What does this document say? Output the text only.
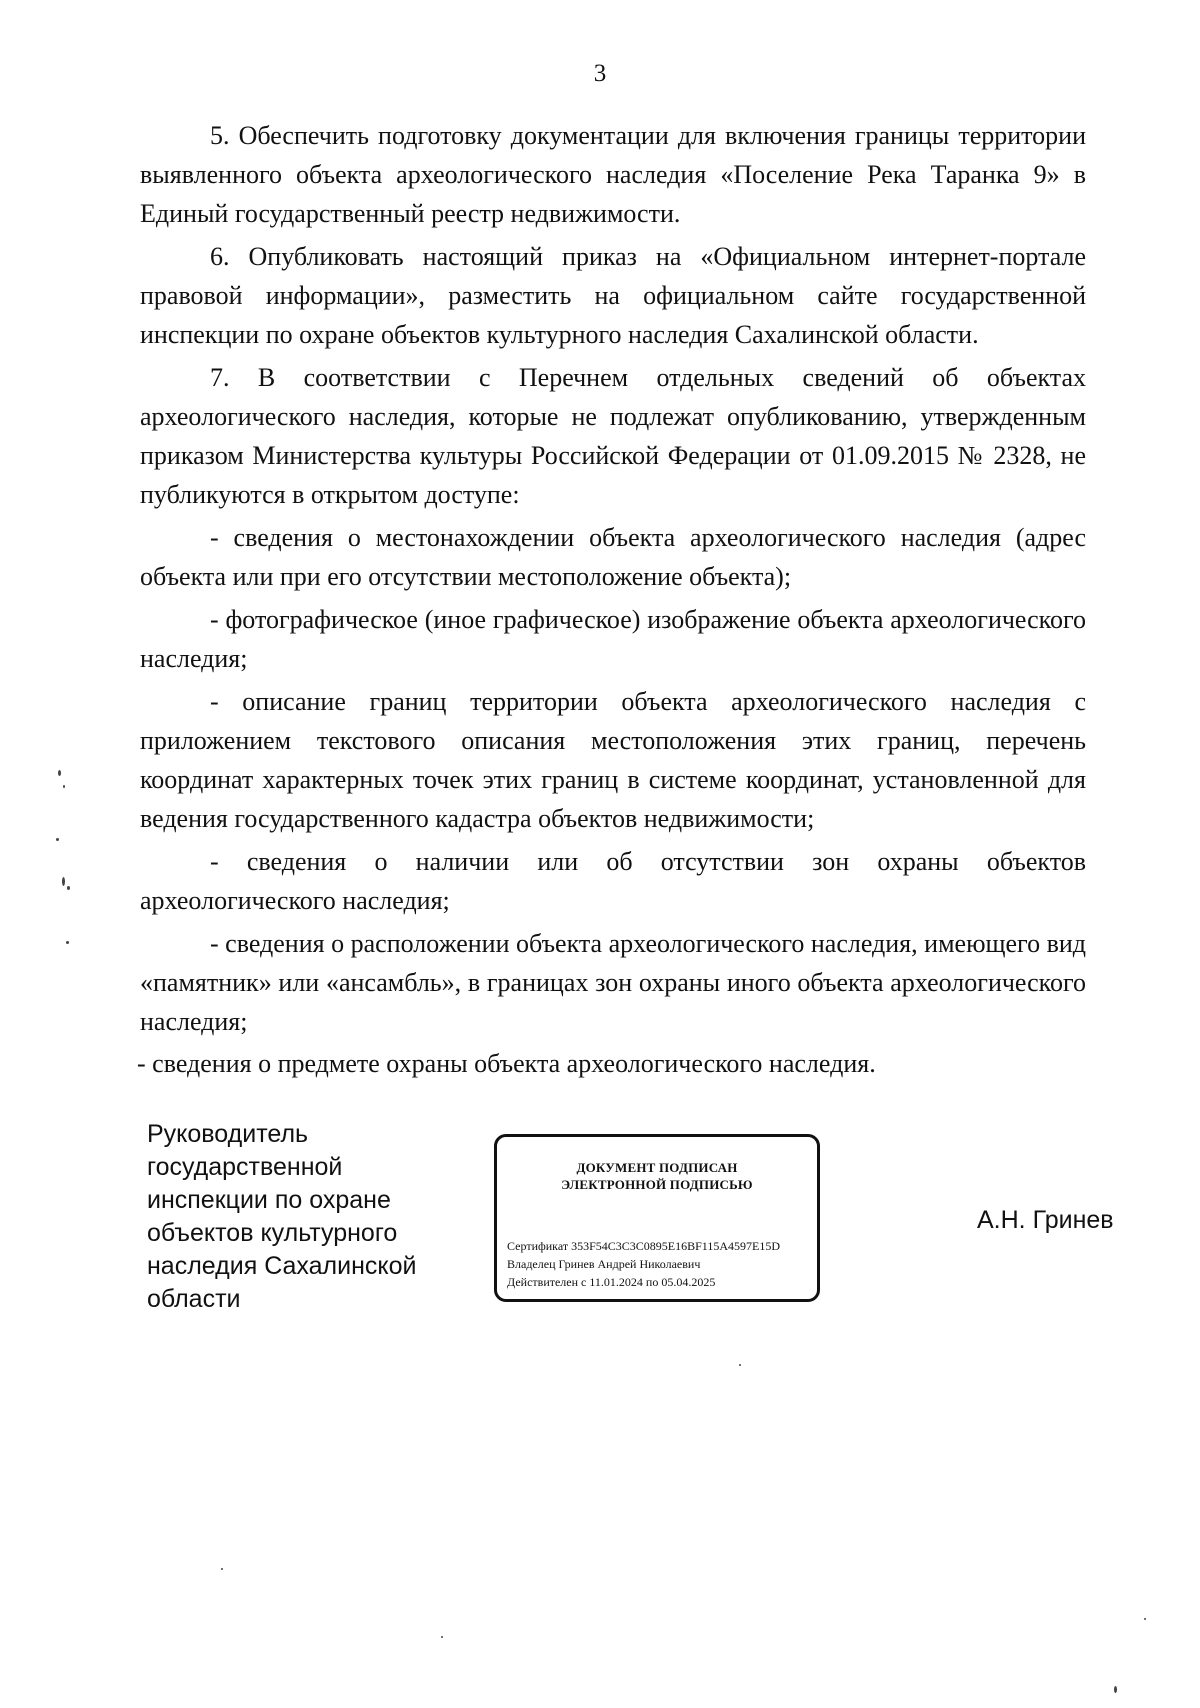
3

5. Обеспечить подготовку документации для включения границы территории выявленного объекта археологического наследия «Поселение Река Таранка 9» в Единый государственный реестр недвижимости.

6. Опубликовать настоящий приказ на «Официальном интернет-портале правовой информации», разместить на официальном сайте государственной инспекции по охране объектов культурного наследия Сахалинской области.

7. В соответствии с Перечнем отдельных сведений об объектах археологического наследия, которые не подлежат опубликованию, утвержденным приказом Министерства культуры Российской Федерации от 01.09.2015 № 2328, не публикуются в открытом доступе:

- сведения о местонахождении объекта археологического наследия (адрес объекта или при его отсутствии местоположение объекта);

- фотографическое (иное графическое) изображение объекта археологического наследия;

- описание границ территории объекта археологического наследия с приложением текстового описания местоположения этих границ, перечень координат характерных точек этих границ в системе координат, установленной для ведения государственного кадастра объектов недвижимости;

- сведения о наличии или об отсутствии зон охраны объектов археологического наследия;

- сведения о расположении объекта археологического наследия, имеющего вид «памятник» или «ансамбль», в границах зон охраны иного объекта археологического наследия;

- сведения о предмете охраны объекта археологического наследия.

Руководитель
государственной
инспекции по охране
объектов культурного
наследия Сахалинской
области
ДОКУМЕНТ ПОДПИСАН
ЭЛЕКТРОННОЙ ПОДПИСЬЮ
Сертификат 353F54C3C3C0895E16BF115A4597E15D
Владелец Гринев Андрей Николаевич
Действителен с 11.01.2024 по 05.04.2025
А.Н. Гринев
